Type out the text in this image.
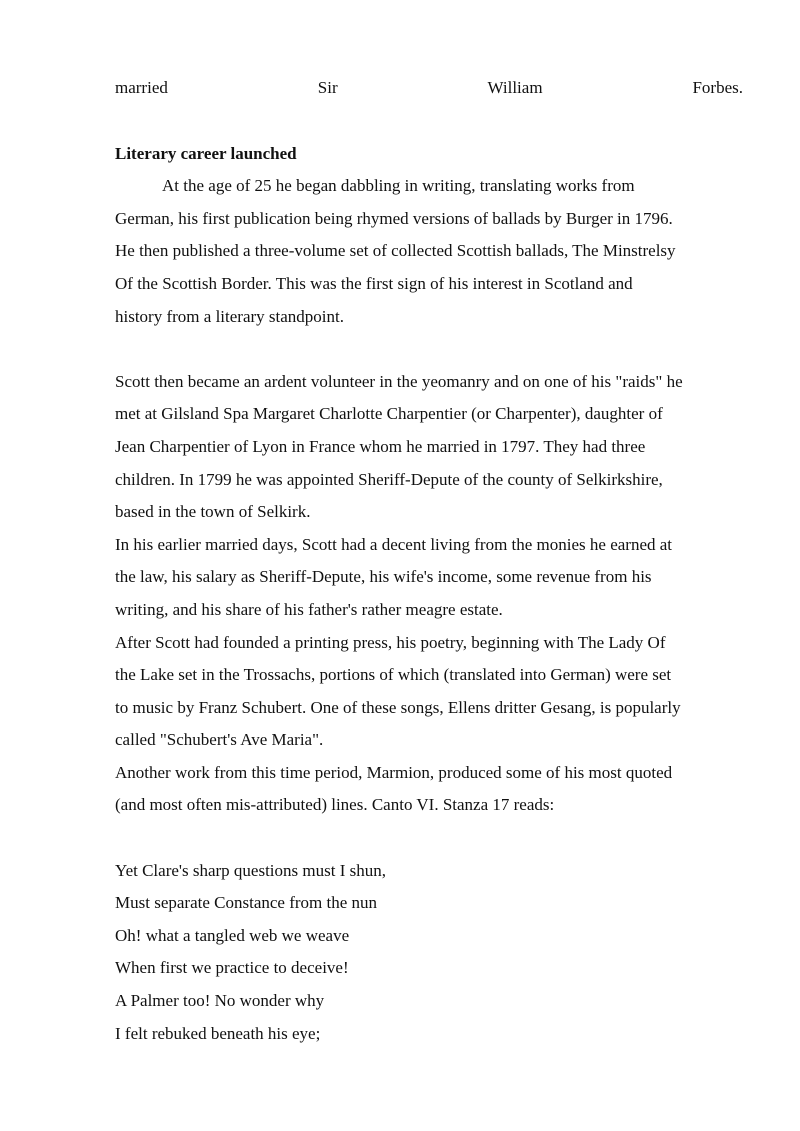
married	Sir	William	Forbes.
Literary career launched
At the age of 25 he began dabbling in writing, translating works from
German, his first publication being rhymed versions of ballads by Burger in 1796.
He then published a three-volume set of collected Scottish ballads, The Minstrelsy
Of the Scottish Border. This was the first sign of his interest in Scotland and
history from a literary standpoint.
Scott then became an ardent volunteer in the yeomanry and on one of his "raids" he
met at Gilsland Spa Margaret Charlotte Charpentier (or Charpenter), daughter of
Jean Charpentier of Lyon in France whom he married in 1797. They had three
children. In 1799 he was appointed Sheriff-Depute of the county of Selkirkshire,
based in the town of Selkirk.
In his earlier married days, Scott had a decent living from the monies he earned at
the law, his salary as Sheriff-Depute, his wife's income, some revenue from his
writing, and his share of his father's rather meagre estate.
After Scott had founded a printing press, his poetry, beginning with The Lady Of
the Lake set in the Trossachs, portions of which (translated into German) were set
to music by Franz Schubert. One of these songs, Ellens dritter Gesang, is popularly
called "Schubert's Ave Maria".
Another work from this time period, Marmion, produced some of his most quoted
(and most often mis-attributed) lines. Canto VI. Stanza 17 reads:
Yet Clare's sharp questions must I shun,
Must separate Constance from the nun
Oh! what a tangled web we weave
When first we practice to deceive!
A Palmer too! No wonder why
I felt rebuked beneath his eye;
